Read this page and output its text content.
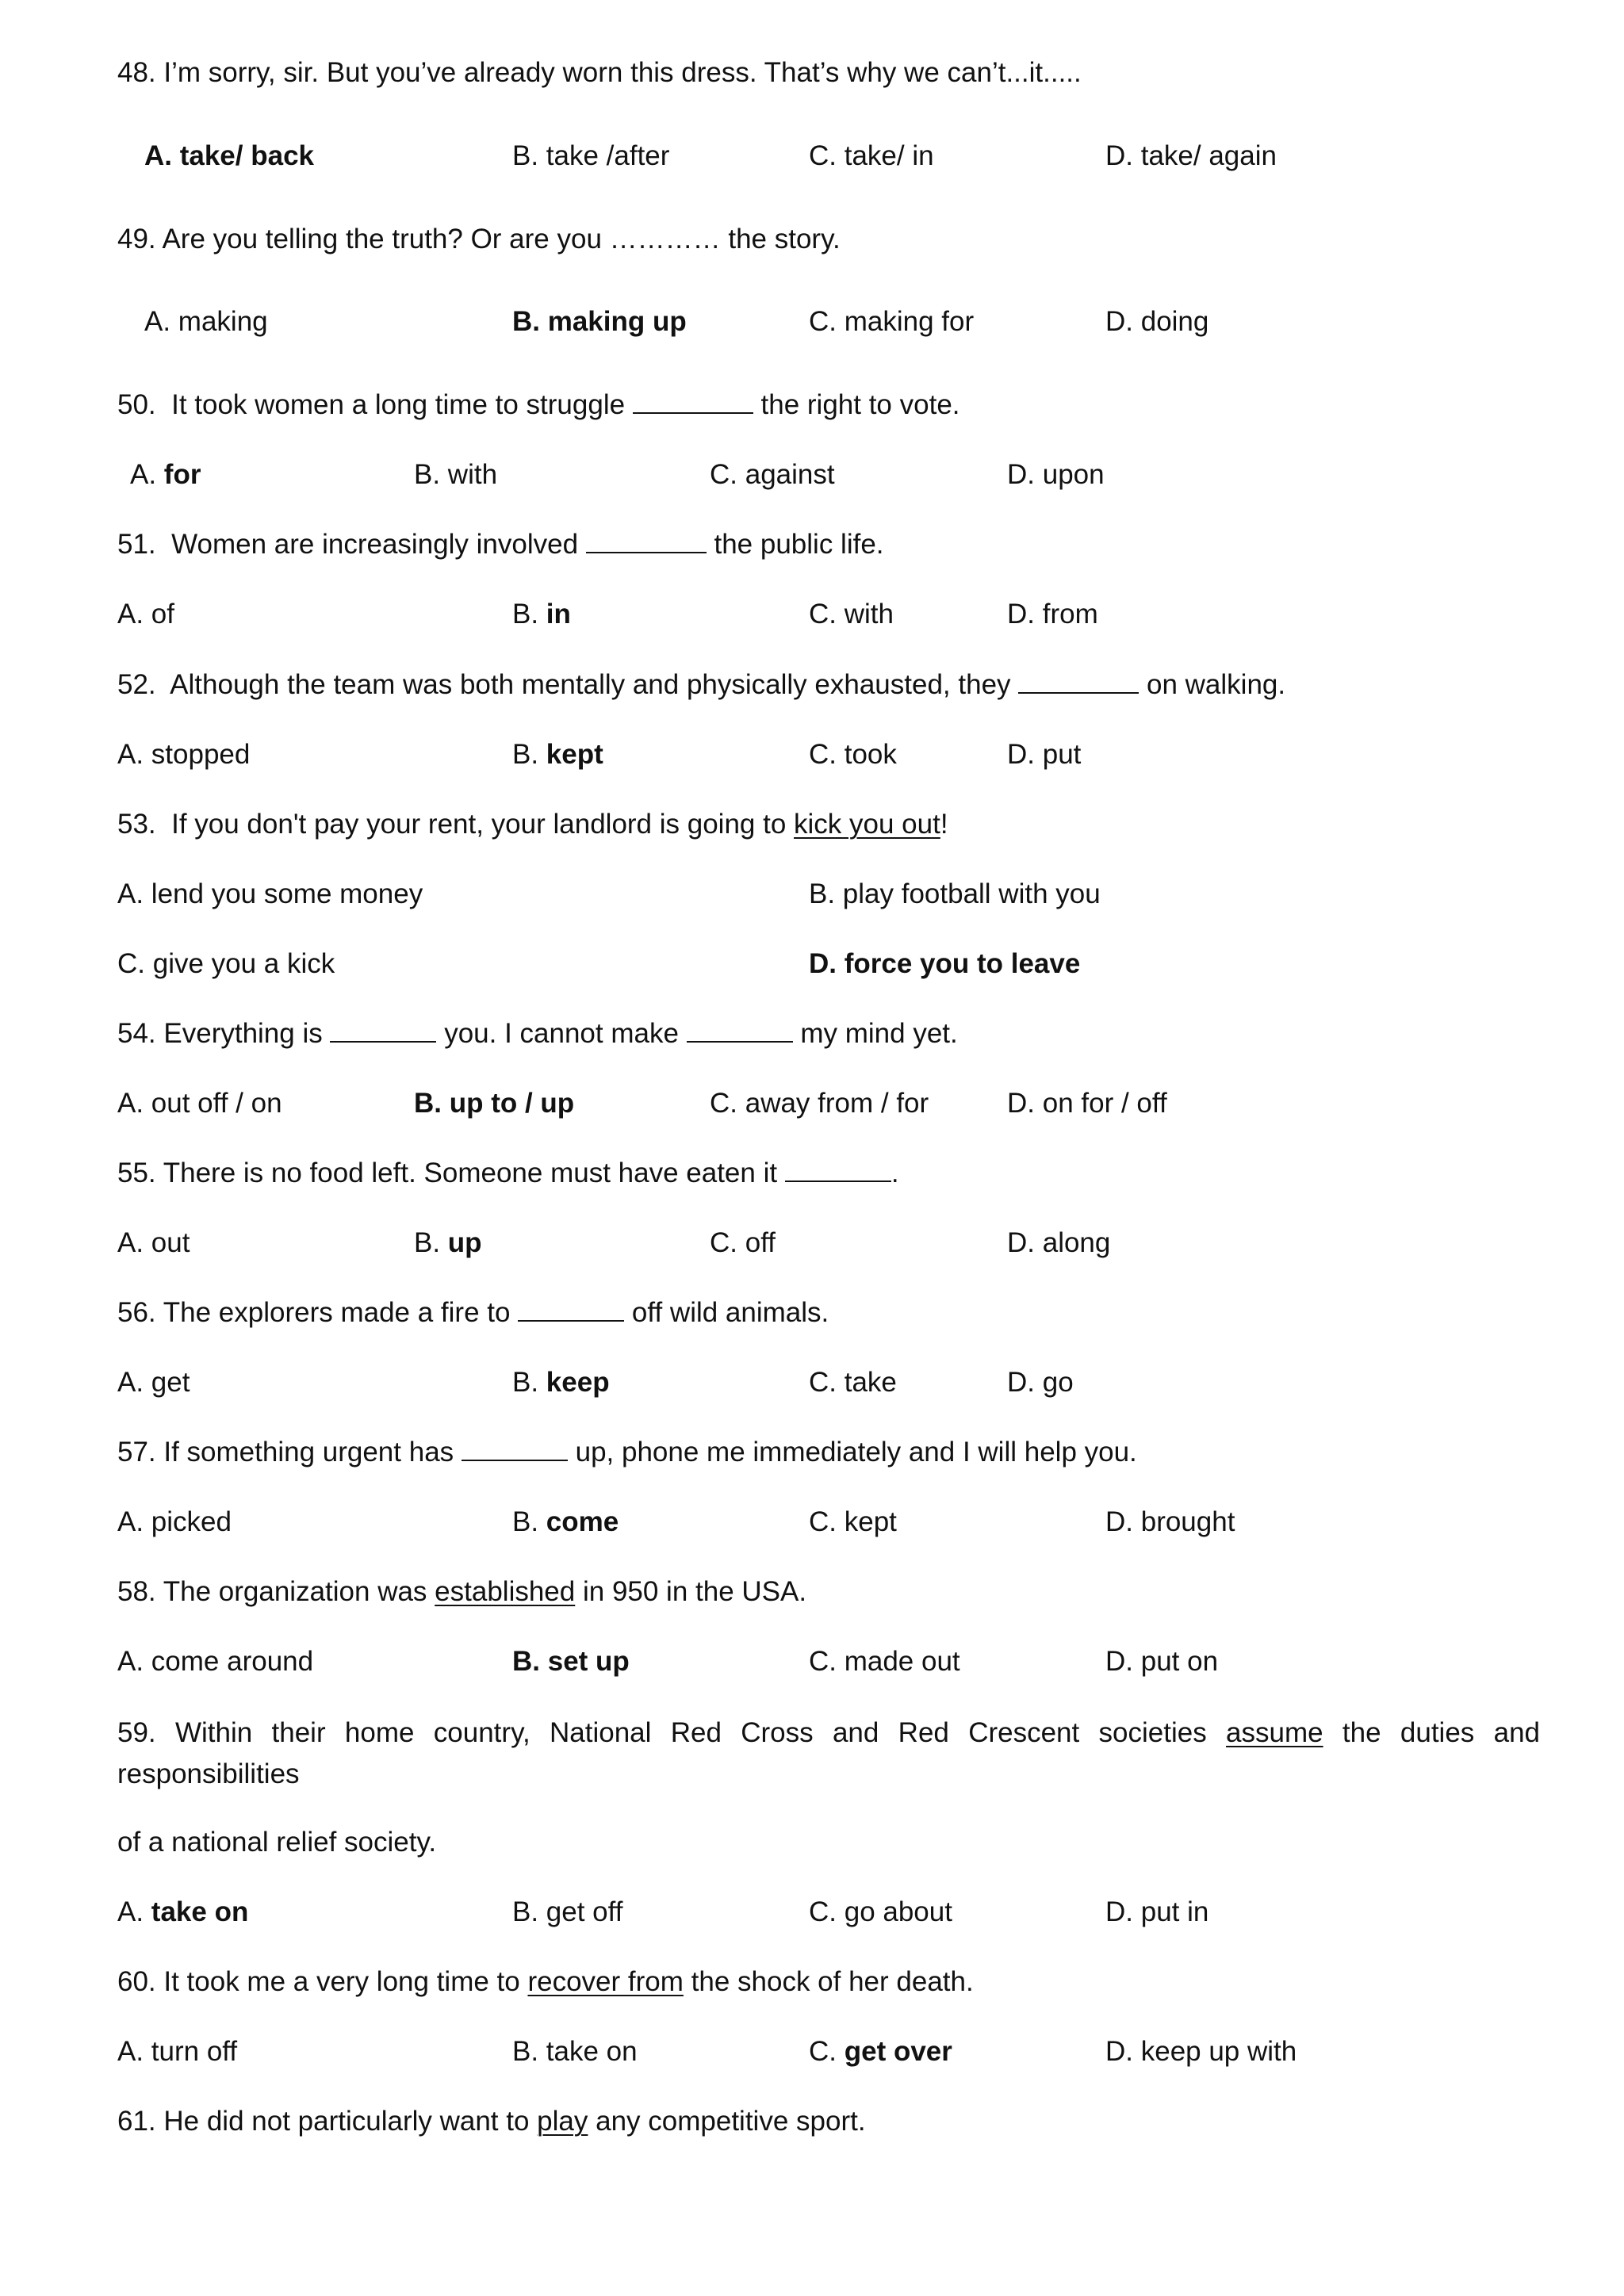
48. I’m sorry, sir. But you’ve already worn this dress. That’s why we can’t...it.....
A. take/ back	B. take /after	C. take/ in	D. take/ again
49. Are you telling the truth? Or are you ………… the story.
A. making	B. making up	C. making for	D. doing
50.  It took women a long time to struggle	the right to vote.
A. for	B. with	C. against	D. upon
51.  Women are increasingly involved	the public life.
A. of	B. in	C. with	D. from
52.  Although the team was both mentally and physically exhausted, they	on walking.
A. stopped	B. kept	C. took	D. put
53.  If you don't pay your rent, your landlord is going to kick you out!
A. lend you some money	B. play football with you
C. give you a kick	D. force you to leave
54. Everything is	you. I cannot make	my mind yet.
A. out off / on	B. up to / up	C. away from / for	D. on for / off
55. There is no food left. Someone must have eaten it	.
A. out	B. up	C. off	D. along
56. The explorers made a fire to	off wild animals.
A. get	B. keep	C. take	D. go
57. If something urgent has	up, phone me immediately and I will help you.
A. picked	B. come	C. kept	D. brought
58. The organization was established in 950 in the USA.
A. come around	B. set up	C. made out	D. put on
59. Within their home country, National Red Cross and Red Crescent societies assume the duties and
responsibilities
of a national relief society.
A. take on	B. get off	C. go about	D. put in
60. It took me a very long time to recover from the shock of her death.
A. turn off	B. take on	C. get over	D. keep up with
61. He did not particularly want to play any competitive sport.
